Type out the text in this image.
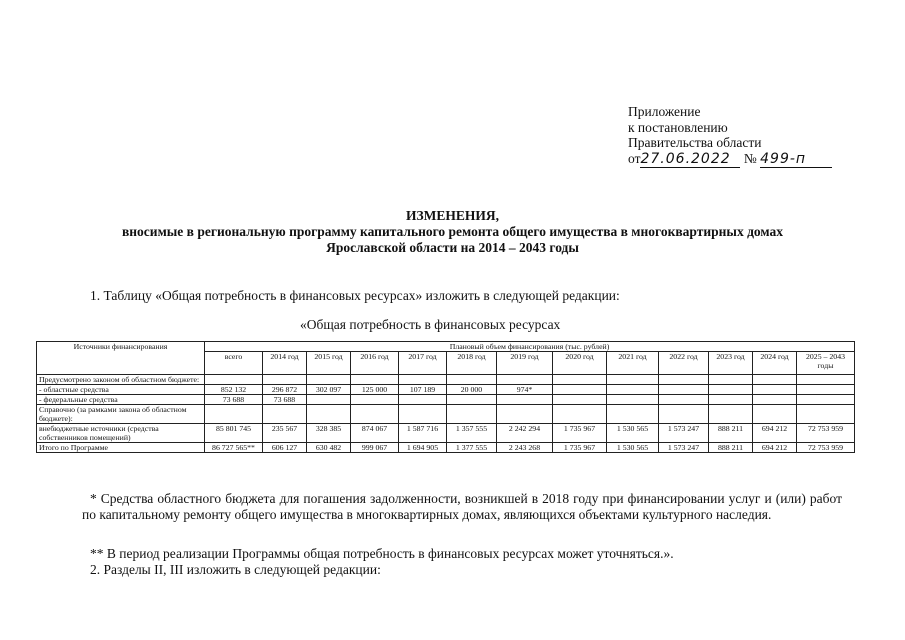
Приложение
к постановлению
Правительства области
от27.06.2022 № 499-п
ИЗМЕНЕНИЯ,
вносимые в региональную программу капитального ремонта общего имущества в многоквартирных домах
Ярославской области на 2014 – 2043 годы
1. Таблицу «Общая потребность в финансовых ресурсах» изложить в следующей редакции:
«Общая потребность в финансовых ресурсах
Источники финансирования	Плановый объем финансирования (тыс. рублей)												
	всего	2014 год	2015 год	2016 год	2017 год	2018 год	2019 год	2020 год	2021 год	2022 год	2023 год	2024 год	2025 – 2043 годы
Предусмотрено законом об областном бюджете:													
- областные средства	852 132	296 872	302 097	125 000	107 189	20 000	974*						
- федеральные средства	73 688	73 688											
Справочно (за рамками закона об областном бюджете):													
внебюджетные источники (средства собственников помещений)	85 801 745	235 567	328 385	874 067	1 587 716	1 357 555	2 242 294	1 735 967	1 530 565	1 573 247	888 211	694 212	72 753 959
Итого по Программе	86 727 565**	606 127	630 482	999 067	1 694 905	1 377 555	2 243 268	1 735 967	1 530 565	1 573 247	888 211	694 212	72 753 959
* Средства областного бюджета для погашения задолженности, возникшей в 2018 году при финансировании услуг и (или) работ по капитальному ремонту общего имущества в многоквартирных домах, являющихся объектами культурного наследия.
** В период реализации Программы общая потребность в финансовых ресурсах может уточняться.».
2. Разделы II, III изложить в следующей редакции:
